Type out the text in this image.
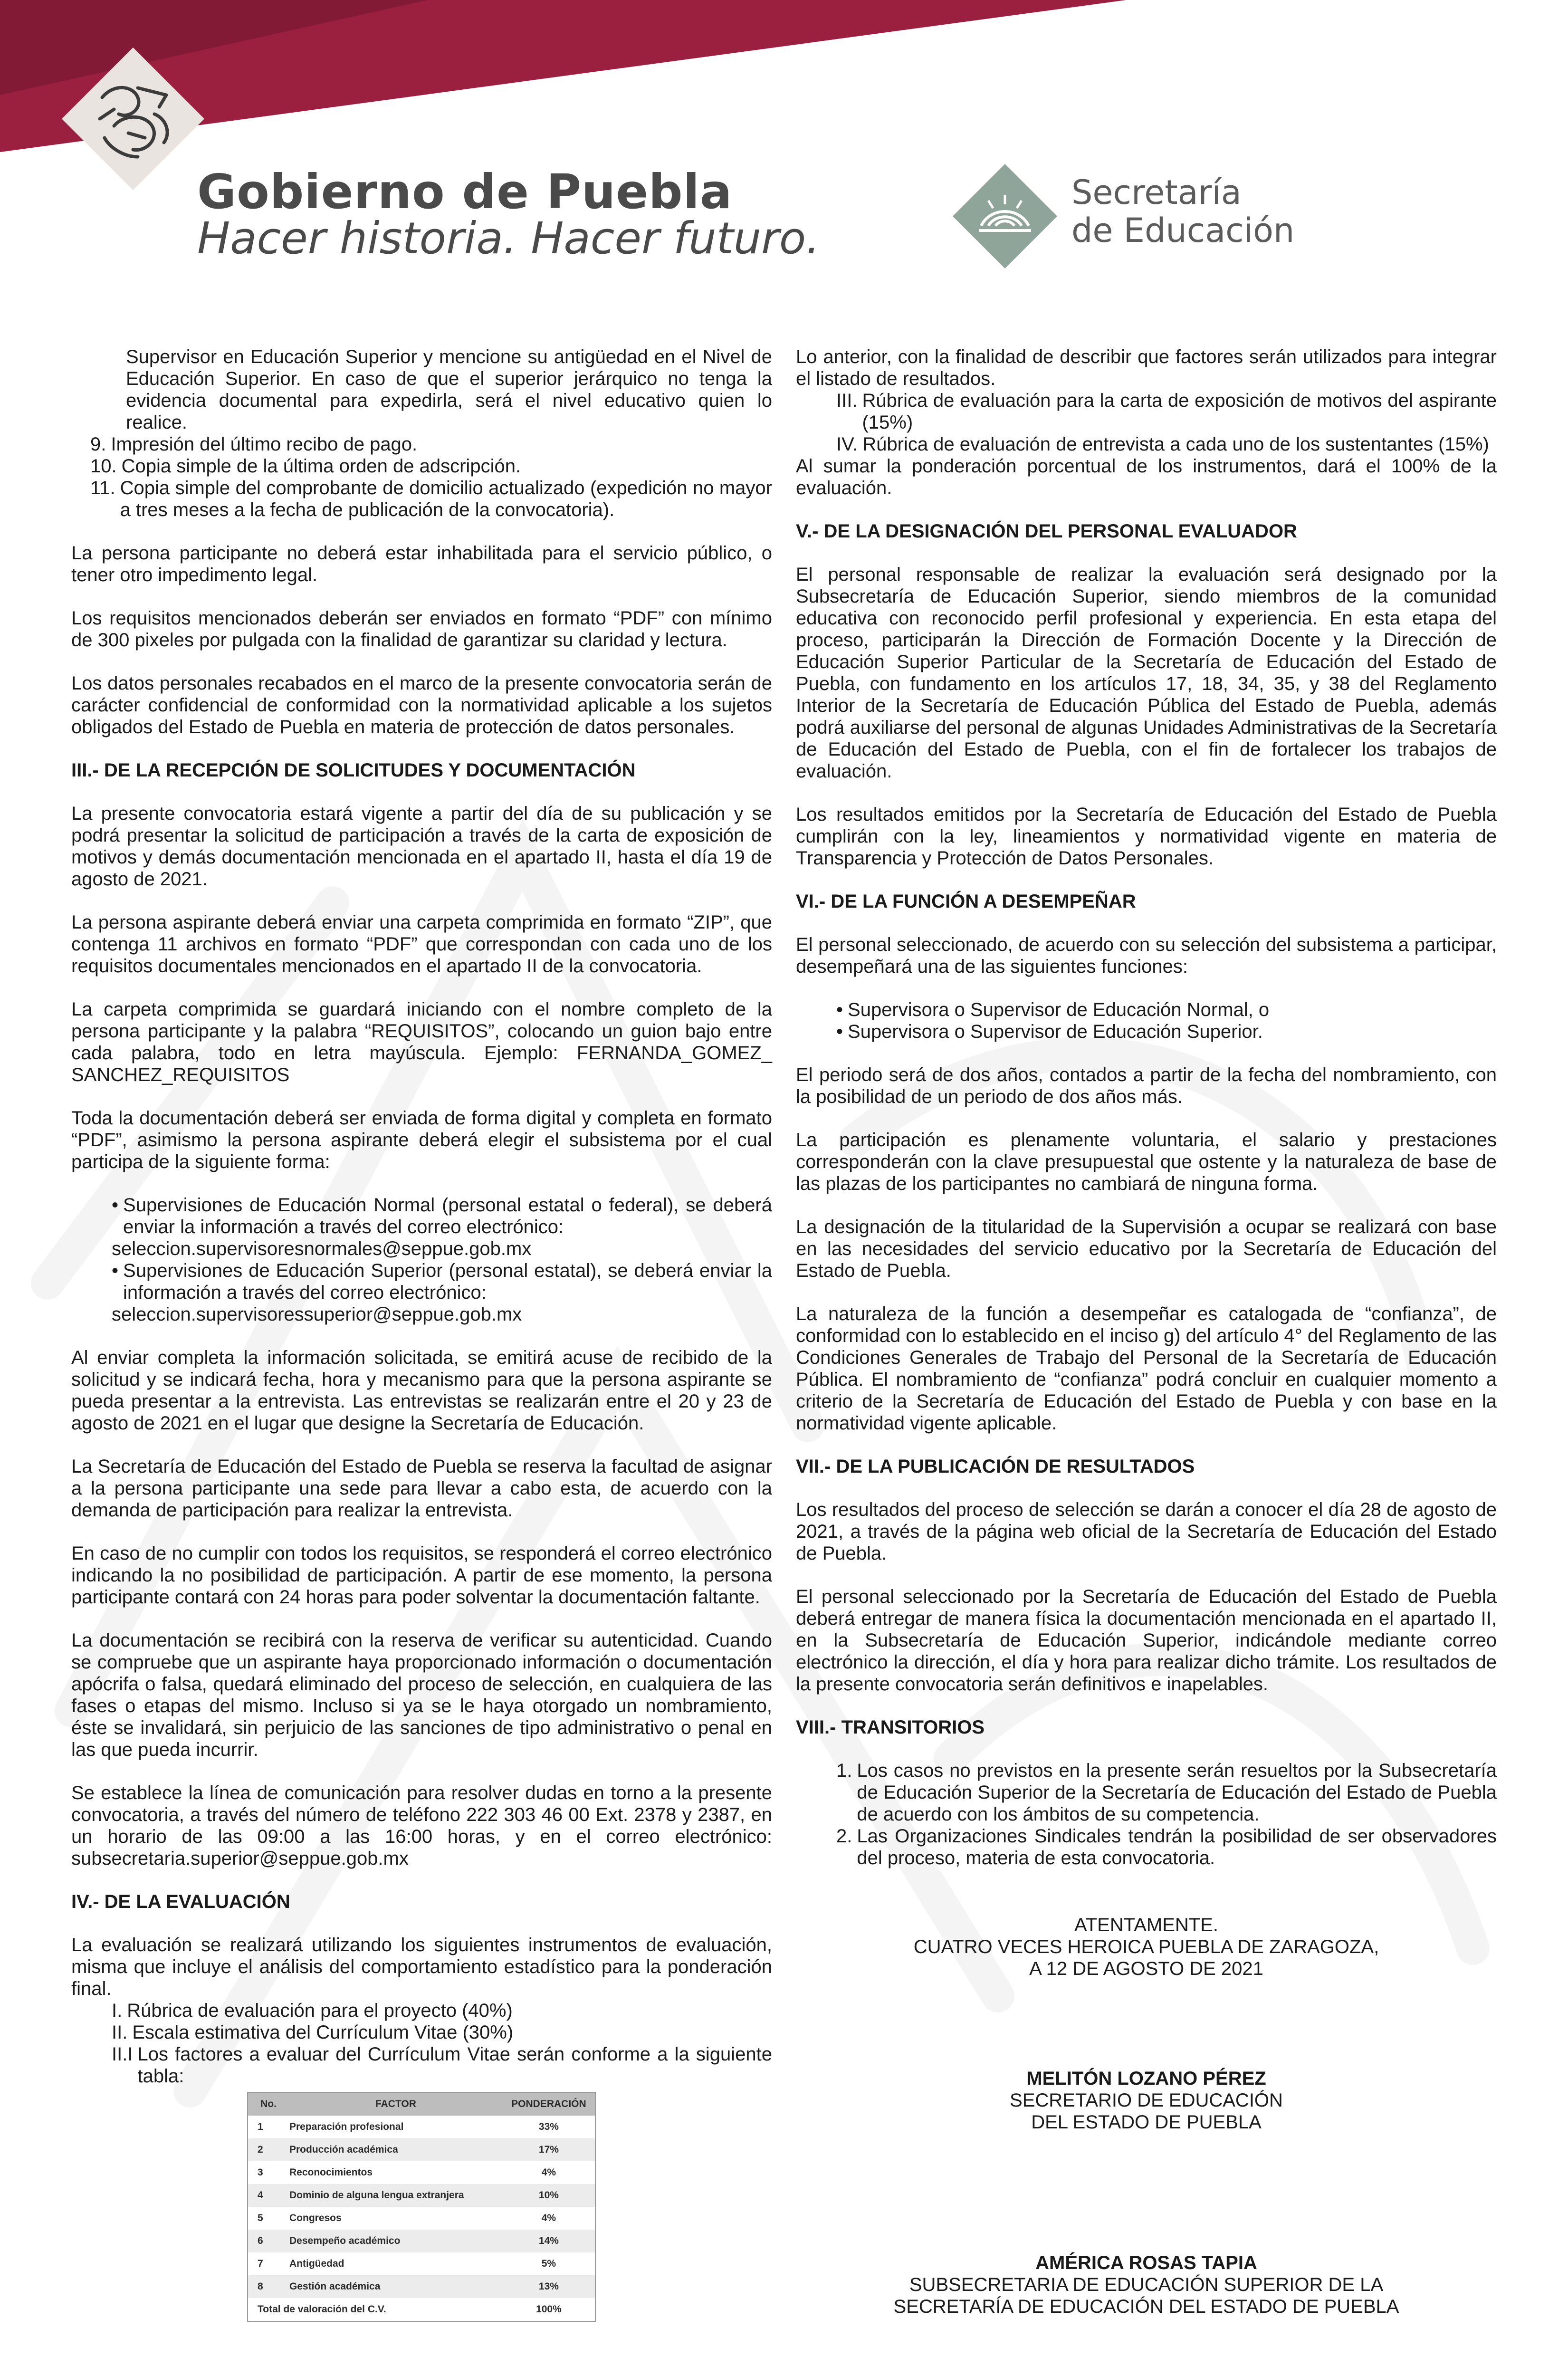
Gobierno de Puebla
Hacer historia. Hacer futuro.
Secretaría
de Educación
Supervisor en Educación Superior y mencione su antigüedad en el Nivel de Educación Superior. En caso de que el superior jerárquico no tenga la evidencia documental para expedirla, será el nivel educativo quien lo realice.
9. Impresión del último recibo de pago.
10. Copia simple de la última orden de adscripción.
11. Copia simple del comprobante de domicilio actualizado (expedición no mayor a tres meses a la fecha de publicación de la convocatoria).

La persona participante no deberá estar inhabilitada para el servicio público, o tener otro impedimento legal.

Los requisitos mencionados deberán ser enviados en formato “PDF” con mínimo de 300 pixeles por pulgada con la finalidad de garantizar su claridad y lectura.

Los datos personales recabados en el marco de la presente convocatoria serán de carácter confidencial de conformidad con la normatividad aplicable a los sujetos obligados del Estado de Puebla en materia de protección de datos personales.

III.- DE LA RECEPCIÓN DE SOLICITUDES Y DOCUMENTACIÓN

La presente convocatoria estará vigente a partir del día de su publicación y se podrá presentar la solicitud de participación a través de la carta de exposición de motivos y demás documentación mencionada en el apartado II, hasta el día 19 de agosto de 2021.

La persona aspirante deberá enviar una carpeta comprimida en formato “ZIP”, que contenga 11 archivos en formato “PDF” que correspondan con cada uno de los requisitos documentales mencionados en el apartado II de la convocatoria.

La carpeta comprimida se guardará iniciando con el nombre completo de la persona participante y la palabra “REQUISITOS”, colocando un guion bajo entre cada palabra, todo en letra mayúscula. Ejemplo: FERNANDA_GOMEZ_ SANCHEZ_REQUISITOS

Toda la documentación deberá ser enviada de forma digital y completa en formato “PDF”, asimismo la persona aspirante deberá elegir el subsistema por el cual participa de la siguiente forma:

• Supervisiones de Educación Normal (personal estatal o federal), se deberá enviar la información a través del correo electrónico:
seleccion.supervisoresnormales@seppue.gob.mx
• Supervisiones de Educación Superior (personal estatal), se deberá enviar la información a través del correo electrónico:
seleccion.supervisoressuperior@seppue.gob.mx

Al enviar completa la información solicitada, se emitirá acuse de recibido de la solicitud y se indicará fecha, hora y mecanismo para que la persona aspirante se pueda presentar a la entrevista. Las entrevistas se realizarán entre el 20 y 23 de agosto de 2021 en el lugar que designe la Secretaría de Educación.

La Secretaría de Educación del Estado de Puebla se reserva la facultad de asignar a la persona participante una sede para llevar a cabo esta, de acuerdo con la demanda de participación para realizar la entrevista.

En caso de no cumplir con todos los requisitos, se responderá el correo electrónico indicando la no posibilidad de participación. A partir de ese momento, la persona participante contará con 24 horas para poder solventar la documentación faltante.

La documentación se recibirá con la reserva de verificar su autenticidad. Cuando se compruebe que un aspirante haya proporcionado información o documentación apócrifa o falsa, quedará eliminado del proceso de selección, en cualquiera de las fases o etapas del mismo. Incluso si ya se le haya otorgado un nombramiento, éste se invalidará, sin perjuicio de las sanciones de tipo administrativo o penal en las que pueda incurrir.

Se establece la línea de comunicación para resolver dudas en torno a la presente convocatoria, a través del número de teléfono 222 303 46 00 Ext. 2378 y 2387, en un horario de las 09:00 a las 16:00 horas, y en el correo electrónico: subsecretaria.superior@seppue.gob.mx

IV.- DE LA EVALUACIÓN

La evaluación se realizará utilizando los siguientes instrumentos de evaluación, misma que incluye el análisis del comportamiento estadístico para la ponderación final.

I. Rúbrica de evaluación para el proyecto (40%)
II. Escala estimativa del Currículum Vitae (30%)
II.I Los factores a evaluar del Currículum Vitae serán conforme a la siguiente tabla:
No.	FACTOR	PONDERACIÓN
1	Preparación profesional	33%
2	Producción académica	17%
3	Reconocimientos	4%
4	Dominio de alguna lengua extranjera	10%
5	Congresos	4%
6	Desempeño académico	14%
7	Antigüedad	5%
8	Gestión académica	13%
Total de valoración del C.V.		100%

Lo anterior, con la finalidad de describir que factores serán utilizados para integrar el listado de resultados.

III. Rúbrica de evaluación para la carta de exposición de motivos del aspirante (15%)
IV. Rúbrica de evaluación de entrevista a cada uno de los sustentantes (15%)

Al sumar la ponderación porcentual de los instrumentos, dará el 100% de la evaluación.

V.- DE LA DESIGNACIÓN DEL PERSONAL EVALUADOR

El personal responsable de realizar la evaluación será designado por la Subsecretaría de Educación Superior, siendo miembros de la comunidad educativa con reconocido perfil profesional y experiencia. En esta etapa del proceso, participarán la Dirección de Formación Docente y la Dirección de Educación Superior Particular de la Secretaría de Educación del Estado de Puebla, con fundamento en los artículos 17, 18, 34, 35, y 38 del Reglamento Interior de la Secretaría de Educación Pública del Estado de Puebla, además podrá auxiliarse del personal de algunas Unidades Administrativas de la Secretaría de Educación del Estado de Puebla, con el fin de fortalecer los trabajos de evaluación.

Los resultados emitidos por la Secretaría de Educación del Estado de Puebla cumplirán con la ley, lineamientos y normatividad vigente en materia de Transparencia y Protección de Datos Personales.

VI.- DE LA FUNCIÓN A DESEMPEÑAR

El personal seleccionado, de acuerdo con su selección del subsistema a participar, desempeñará una de las siguientes funciones:

• Supervisora o Supervisor de Educación Normal, o
• Supervisora o Supervisor de Educación Superior.

El periodo será de dos años, contados a partir de la fecha del nombramiento, con la posibilidad de un periodo de dos años más.

La participación es plenamente voluntaria, el salario y prestaciones corresponderán con la clave presupuestal que ostente y la naturaleza de base de las plazas de los participantes no cambiará de ninguna forma.

La designación de la titularidad de la Supervisión a ocupar se realizará con base en las necesidades del servicio educativo por la Secretaría de Educación del Estado de Puebla.

La naturaleza de la función a desempeñar es catalogada de “confianza”, de conformidad con lo establecido en el inciso g) del artículo 4° del Reglamento de las Condiciones Generales de Trabajo del Personal de la Secretaría de Educación Pública. El nombramiento de “confianza” podrá concluir en cualquier momento a criterio de la Secretaría de Educación del Estado de Puebla y con base en la normatividad vigente aplicable.

VII.- DE LA PUBLICACIÓN DE RESULTADOS

Los resultados del proceso de selección se darán a conocer el día 28 de agosto de 2021, a través de la página web oficial de la Secretaría de Educación del Estado de Puebla.

El personal seleccionado por la Secretaría de Educación del Estado de Puebla deberá entregar de manera física la documentación mencionada en el apartado II, en la Subsecretaría de Educación Superior, indicándole mediante correo electrónico la dirección, el día y hora para realizar dicho trámite. Los resultados de la presente convocatoria serán definitivos e inapelables.

VIII.- TRANSITORIOS
1. Los casos no previstos en la presente serán resueltos por la Subsecretaría de Educación Superior de la Secretaría de Educación del Estado de Puebla de acuerdo con los ámbitos de su competencia.
2. Las Organizaciones Sindicales tendrán la posibilidad de ser observadores del proceso, materia de esta convocatoria.
ATENTAMENTE.
CUATRO VECES HEROICA PUEBLA DE ZARAGOZA,
A 12 DE AGOSTO DE 2021
MELITÓN LOZANO PÉREZ
SECRETARIO DE EDUCACIÓN
DEL ESTADO DE PUEBLA
AMÉRICA ROSAS TAPIA
SUBSECRETARIA DE EDUCACIÓN SUPERIOR DE LA
SECRETARÍA DE EDUCACIÓN DEL ESTADO DE PUEBLA
